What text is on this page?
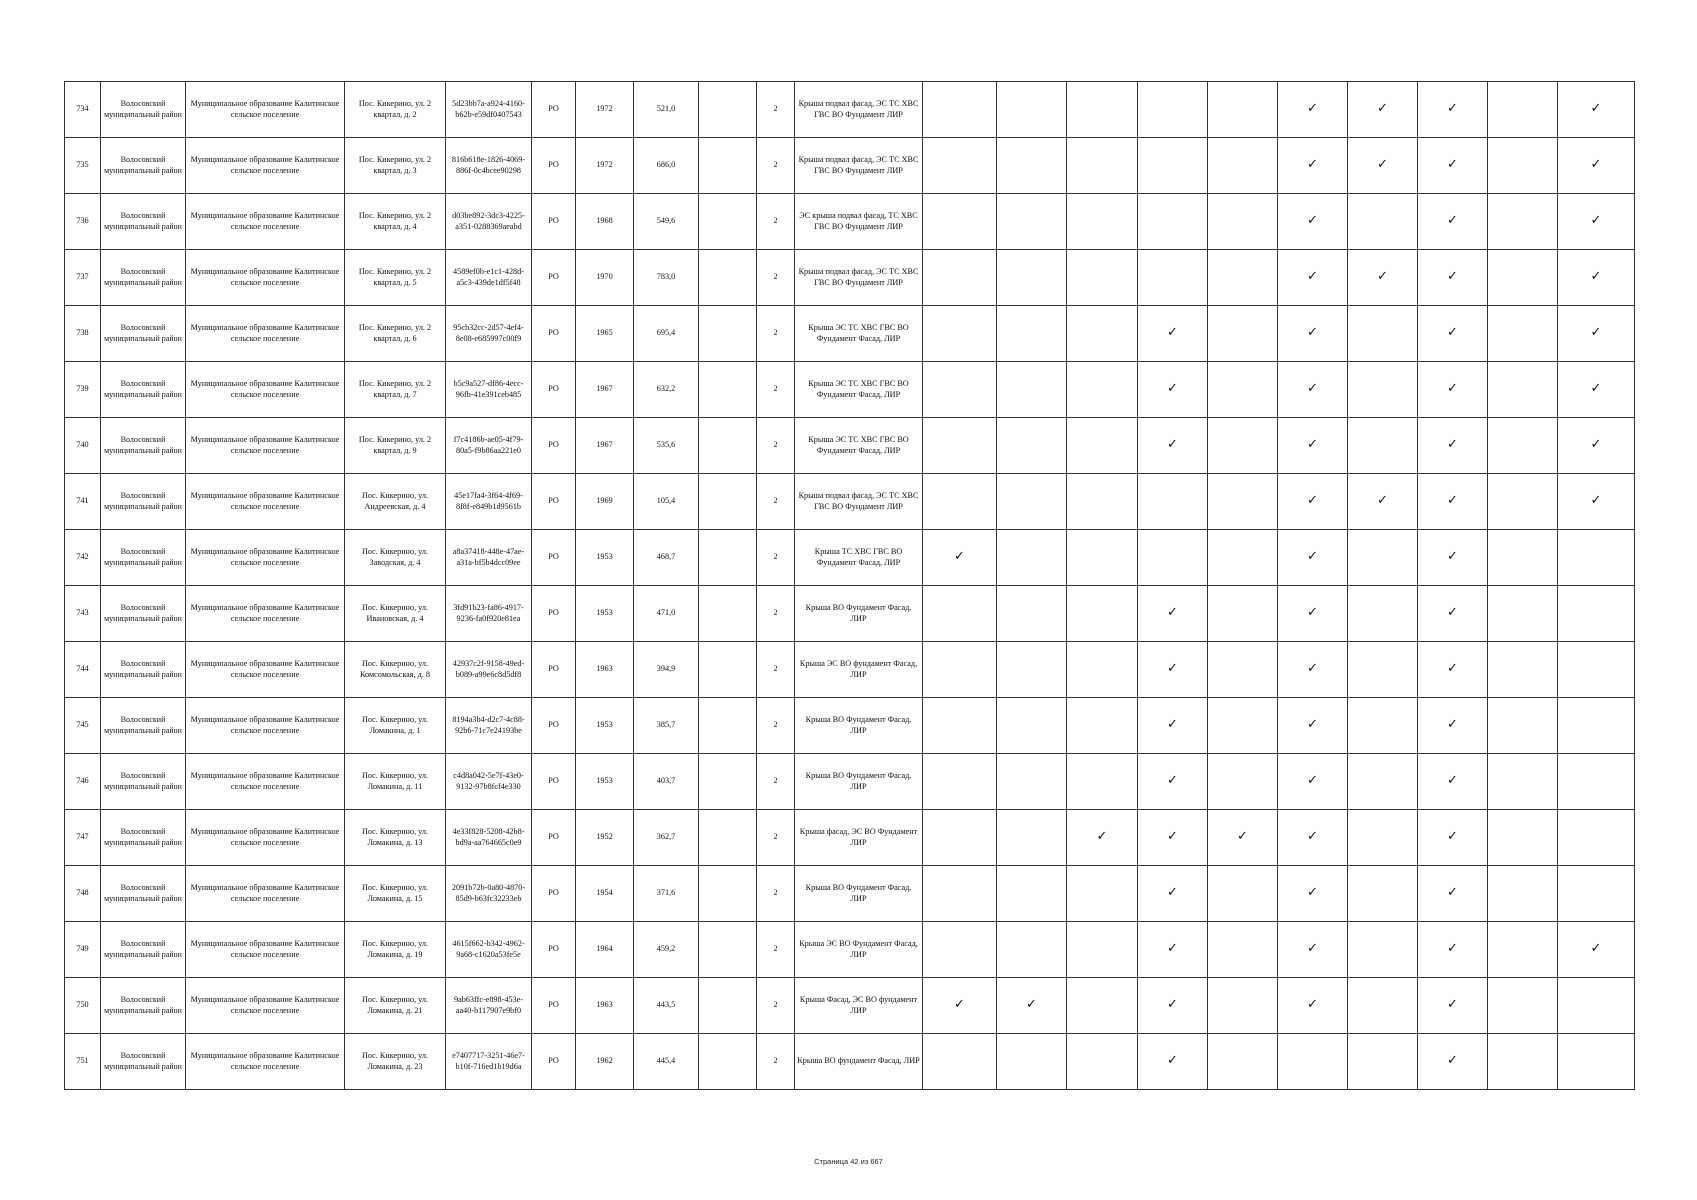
734	Волосовский муниципальный район	Муниципальное образование Калитинское сельское поселение	Пос. Кикерино, ул. 2 квартал, д. 2	5d23bb7a-a924-4160-b62b-e59df0407543	РО	1972	521,0		2	Крыша подвал фасад, ЭС ТС ХВС ГВС ВО Фундамент ЛИР						✓	✓	✓		✓
735	Волосовский муниципальный район	Муниципальное образование Калитинское сельское поселение	Пос. Кикерино, ул. 2 квартал, д. 3	816b618e-1826-4069-886f-0c4bcee90298	РО	1972	686,0		2	Крыша подвал фасад, ЭС ТС ХВС ГВС ВО Фундамент ЛИР						✓	✓	✓		✓
736	Волосовский муниципальный район	Муниципальное образование Калитинское сельское поселение	Пос. Кикерино, ул. 2 квартал, д. 4	d03be892-3dc3-4225-a351-0288369aeabd	РО	1968	549,6		2	ЭС крыша подвал фасад, ТС ХВС ГВС ВО Фундамент ЛИР						✓		✓		✓
737	Волосовский муниципальный район	Муниципальное образование Калитинское сельское поселение	Пос. Кикерино, ул. 2 квартал, д. 5	4589ef0b-e1c1-428d-a5c3-439de1df5f48	РО	1970	783,0		2	Крыша подвал фасад, ЭС ТС ХВС ГВС ВО Фундамент ЛИР						✓	✓	✓		✓
738	Волосовский муниципальный район	Муниципальное образование Калитинское сельское поселение	Пос. Кикерино, ул. 2 квартал, д. 6	95cb32cc-2d57-4ef4-8e08-e685997c00f9	РО	1965	695,4		2	Крыша ЭС ТС ХВС ГВС ВО Фундамент Фасад, ЛИР				✓		✓		✓		✓
739	Волосовский муниципальный район	Муниципальное образование Калитинское сельское поселение	Пос. Кикерино, ул. 2 квартал, д. 7	b5c9a527-df86-4ecc-96fb-41e391ceb485	РО	1967	632,2		2	Крыша ЭС ТС ХВС ГВС ВО Фундамент Фасад, ЛИР				✓		✓		✓		✓
740	Волосовский муниципальный район	Муниципальное образование Калитинское сельское поселение	Пос. Кикерино, ул. 2 квартал, д. 9	f7c4186b-ae05-4f79-80a5-f9b86aa221e0	РО	1967	535,6		2	Крыша ЭС ТС ХВС ГВС ВО Фундамент Фасад, ЛИР				✓		✓		✓		✓
741	Волосовский муниципальный район	Муниципальное образование Калитинское сельское поселение	Пос. Кикерино, ул. Андреевская, д. 4	45e17fa4-3f64-4f69-8f8f-e849b1d9561b	РО	1969	105,4		2	Крыша подвал фасад, ЭС ТС ХВС ГВС ВО Фундамент ЛИР						✓	✓	✓		✓
742	Волосовский муниципальный район	Муниципальное образование Калитинское сельское поселение	Пос. Кикерино, ул. Заводская, д. 4	a8a37418-448e-47ae-a31a-bf5b4dcc09ee	РО	1953	468,7		2	Крыша ТС ХВС ГВС ВО Фундамент Фасад, ЛИР	✓					✓		✓		
743	Волосовский муниципальный район	Муниципальное образование Калитинское сельское поселение	Пос. Кикерино, ул. Ивановская, д. 4	3fd91b23-fa86-4917-9236-fa0f920e81ea	РО	1953	471,0		2	Крыша ВО Фундамент Фасад, ЛИР				✓		✓		✓		
744	Волосовский муниципальный район	Муниципальное образование Калитинское сельское поселение	Пос. Кикерино, ул. Комсомольская, д. 8	42937c2f-9158-49ed-b089-a99e6c8d5df8	РО	1963	394,9		2	Крыша ЭС ВО фундамент Фасад, ЛИР				✓		✓		✓		
745	Волосовский муниципальный район	Муниципальное образование Калитинское сельское поселение	Пос. Кикерино, ул. Ломакина, д. 1	8194a3b4-d2c7-4c88-92b6-71c7e24193be	РО	1953	385,7		2	Крыша ВО Фундамент Фасад, ЛИР				✓		✓		✓		
746	Волосовский муниципальный район	Муниципальное образование Калитинское сельское поселение	Пос. Кикерино, ул. Ломакина, д. 11	c4d8a042-5e7f-43e0-9132-97b8fcf4e330	РО	1953	403,7		2	Крыша ВО Фундамент Фасад, ЛИР				✓		✓		✓		
747	Волосовский муниципальный район	Муниципальное образование Калитинское сельское поселение	Пос. Кикерино, ул. Ломакина, д. 13	4e33f828-5208-42b8-bd9a-aa764665c0e9	РО	1952	362,7		2	Крыша фасад, ЭС ВО Фундамент ЛИР			✓	✓	✓	✓		✓		
748	Волосовский муниципальный район	Муниципальное образование Калитинское сельское поселение	Пос. Кикерино, ул. Ломакина, д. 15	2091b72b-0a80-4870-85d9-b63fc32233eb	РО	1954	371,6		2	Крыша ВО Фундамент Фасад, ЛИР				✓		✓		✓		
749	Волосовский муниципальный район	Муниципальное образование Калитинское сельское поселение	Пос. Кикерино, ул. Ломакина, д. 19	4615f662-b342-4962-9a68-c1620a53fe5e	РО	1964	459,2		2	Крыша ЭС ВО Фундамент Фасад, ЛИР				✓		✓		✓		✓
750	Волосовский муниципальный район	Муниципальное образование Калитинское сельское поселение	Пос. Кикерино, ул. Ломакина, д. 21	9ab63ffc-e898-453e-aa40-b117907e9bf0	РО	1963	443,5		2	Крыша Фасад, ЭС ВО фундамент ЛИР	✓	✓		✓		✓		✓		
751	Волосовский муниципальный район	Муниципальное образование Калитинское сельское поселение	Пос. Кикерино, ул. Ломакина, д. 23	e7407717-3251-46e7-b10f-716ed1b19d6a	РО	1962	445,4		2	Крыша ВО фундамент Фасад, ЛИР				✓				✓		
Страница 42 из 667
